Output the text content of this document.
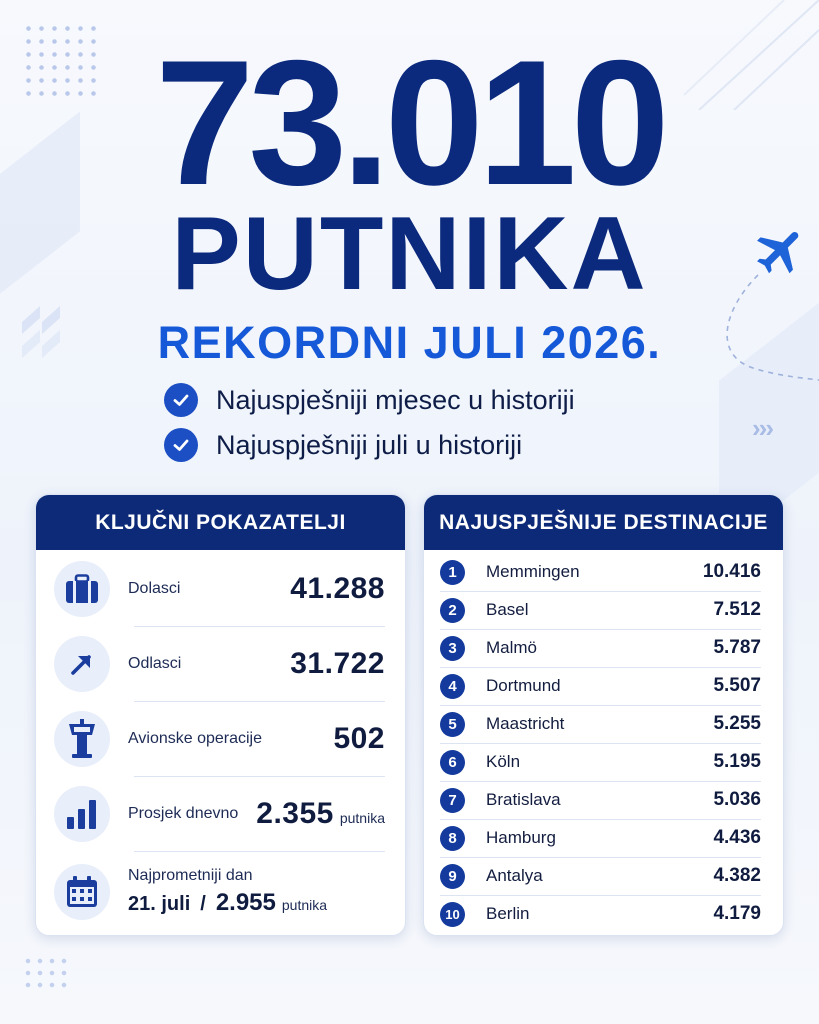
73.010
PUTNIKA
REKORDNI JULI 2026.
›››
Najuspješniji mjesec u historiji
Najuspješniji juli u historiji
KLJUČNI POKAZATELJI
Dolasci	41.288
Odlasci	31.722
Avionske operacije 502
Prosjek dnevno 2.355 putnika
Najprometniji dan
21. juli / 2.955 putnika
NAJUSPJEŠNIJE DESTINACIJE
1	Memmingen	10.416
2	Basel	7.512
3	Malmö	5.787
4	Dortmund	5.507
5	Maastricht	5.255
6	Köln	5.195
7	Bratislava	5.036
8	Hamburg	4.436
9	Antalya	4.382
10	Berlin	4.179
